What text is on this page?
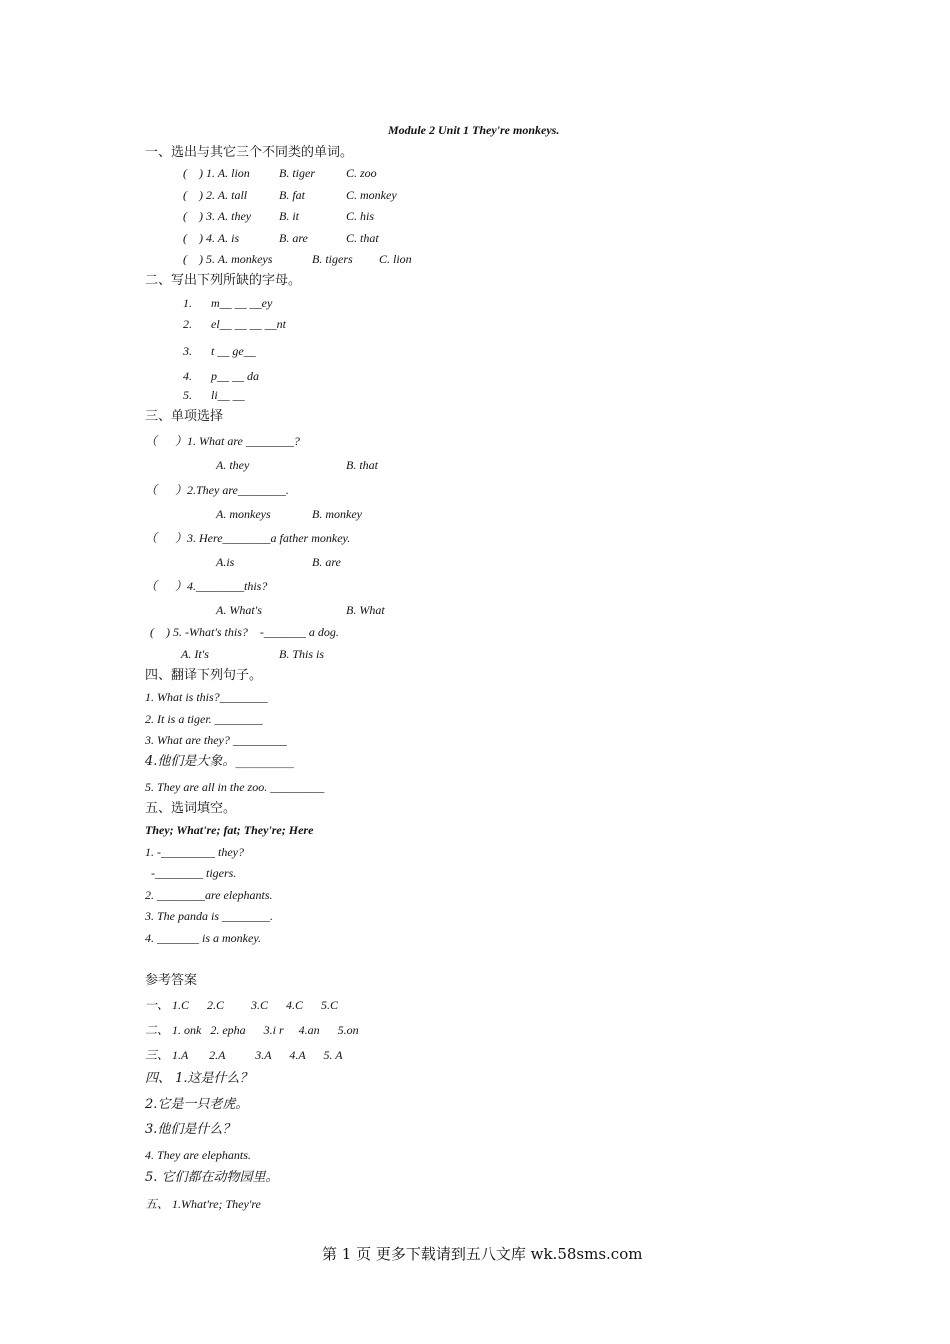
Module 2 Unit 1 They're monkeys.
一、选出与其它三个不同类的单词。
(    ) 1. A. lion B. tiger	C. zoo
(    ) 2. A. tall	B. fat	C. monkey
(    ) 3. A. they B. it	C. his
(    ) 4. A. is	B. are	C. that
(    ) 5. A. monkeys	B. tigers C. lion
二、写出下列所缺的字母。
1. m__ __ __ey
2. el__ __ __ __nt
3. t __ ge__
4. p__ __ da
5. li__ __
三、单项选择
（      ）1. What are ________?
A. they	B. that
（      ）2.They are________.
A. monkeys	B. monkey
（      ）3. Here________a father monkey.
A.is	B. are
（      ）4.________this?
A. What's	B. What
(    ) 5. -What's this?    -_______ a dog.
A. It's	B. This is
四、翻译下列句子。
1. What is this?________
2. It is a tiger. ________
3. What are they? _________
4.他们是大象。_________
5. They are all in the zoo. _________
五、选词填空。
They; What're; fat; They're; Here
1. -_________ they?
-________ tigers.
2. ________are elephants.
3. The panda is ________.
4. _______ is a monkey.
参考答案
一、 1.C      2.C         3.C      4.C      5.C
二、 1. onk   2. epha      3.i r     4.an      5.on
三、 1.A       2.A          3.A      4.A      5. A
四、 1.这是什么？
2.它是一只老虎。
3.他们是什么？
4. They are elephants.
5. 它们都在动物园里。
五、 1.What're; They're
第 1 页 更多下载请到五八文库 wk.58sms.com
